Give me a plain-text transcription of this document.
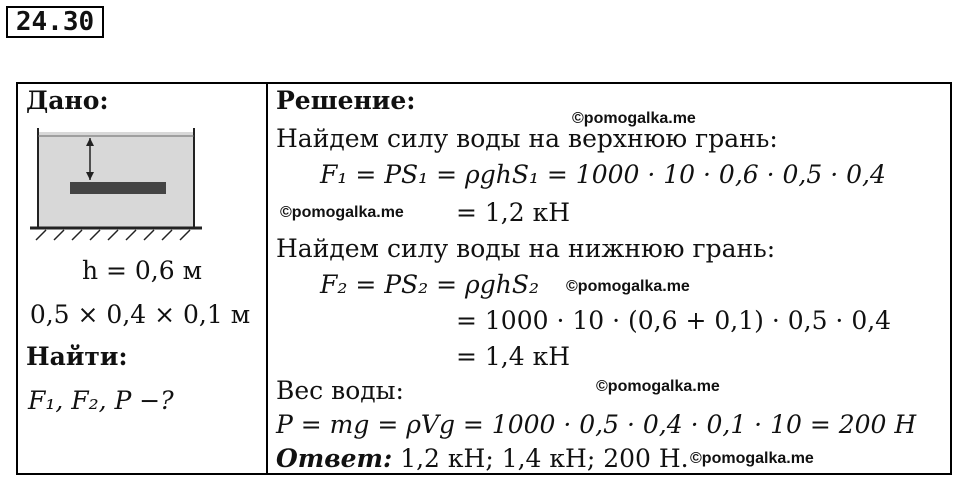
24.30
Дано:
h = 0,6 м
0,5 × 0,4 × 0,1 м
Найти:
F₁, F₂, P −?
Решение:
©pomogalka.me
Найдем силу воды на верхнюю грань:
F₁ = PS₁ = ρghS₁ = 1000 · 10 · 0,6 · 0,5 · 0,4
©pomogalka.me = 1,2 кН
Найдем силу воды на нижнюю грань:
F₂ = PS₂ = ρghS₂ ©pomogalka.me
= 1000 · 10 · (0,6 + 0,1) · 0,5 · 0,4
= 1,4 кН
Вес воды:	©pomogalka.me
P = mg = ρVg = 1000 · 0,5 · 0,4 · 0,1 · 10 = 200 Н
Ответ: 1,2 кН; 1,4 кН; 200 Н. ©pomogalka.me
